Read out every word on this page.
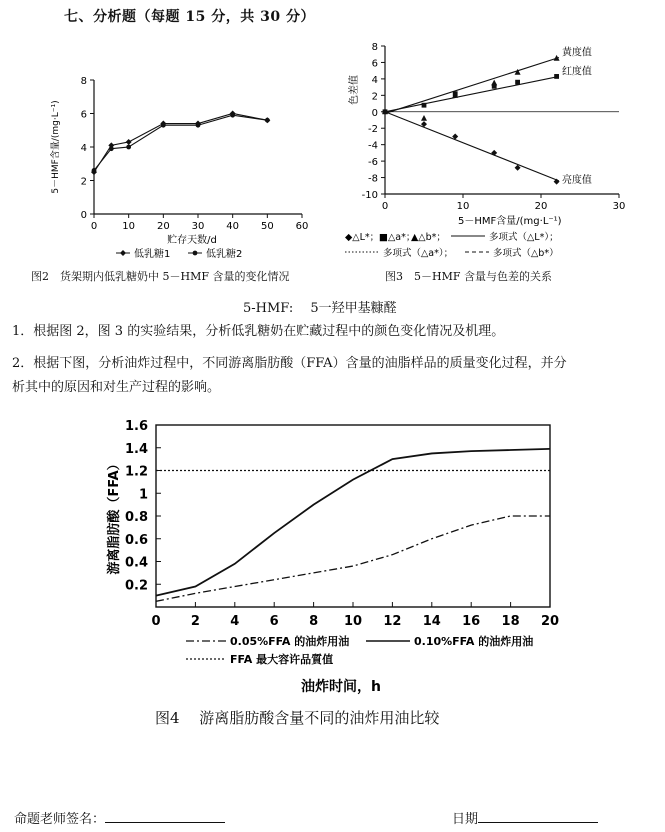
七、分析题（每题 15 分，共 30 分）
0
2
4
6
8
0	10 20 30 40 50 60
5－HMF含量/(mg·L⁻¹)
贮存天数/d
低乳糖1	低乳糖2
图2　货架期内低乳糖奶中 5－HMF 含量的变化情况
8
6
4
2
0
-2
-4
-6
-8
-10
0	10	20	30
色差值
5－HMF含量/(mg·L⁻¹)
黄度值
红度值
亮度值
◆△L*； ■△a*；
▲△b*；	多项式（△L*）；
多项式（△a*）；	多项式（△b*）
图3　5－HMF 含量与色差的关系
5-HMF:　 5一羟甲基糠醛
1．根据图 2，图 3 的实验结果，分析低乳糖奶在贮藏过程中的颜色变化情况及机理。
2．根据下图，分析油炸过程中，不同游离脂肪酸（FFA）含量的油脂样品的质量变化过程，并分
析其中的原因和对生产过程的影响。
1.6
1.4
1.2
1
0.8
0.6
0.4
0.2
0 2 4 6 8 10 12 14 16 18 20
游离脂肪酸（FFA）
0.05%FFA 的油炸用油	0.10%FFA 的油炸用油
FFA 最大容许品質值
油炸时间，h
图4　 游离脂肪酸含量不同的油炸用油比较
命题老师签名：	日期
